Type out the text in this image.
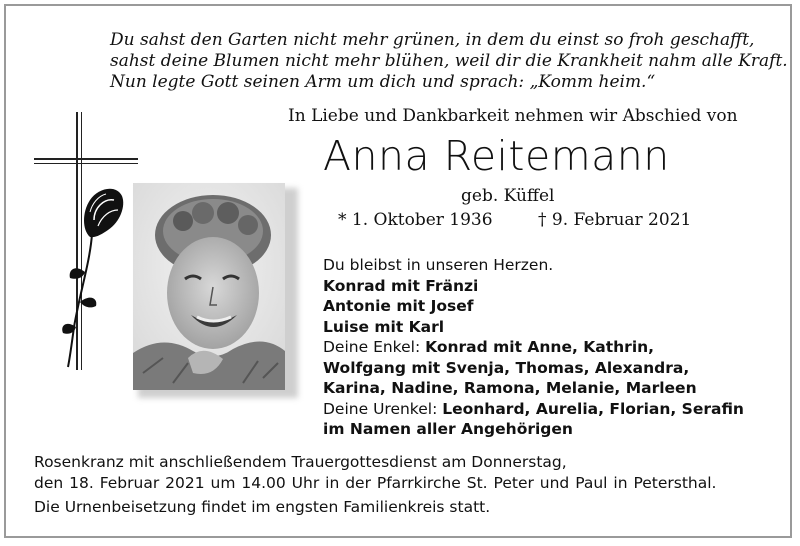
Du sahst den Garten nicht mehr grünen, in dem du einst so froh geschafft,
sahst deine Blumen nicht mehr blühen, weil dir die Krankheit nahm alle Kraft.
Nun legte Gott seinen Arm um dich und sprach: „Komm heim.“
In Liebe und Dankbarkeit nehmen wir Abschied von
Anna Reitemann
geb. Küffel
* 1. Oktober 1936	† 9. Februar 2021
Du bleibst in unseren Herzen.
Konrad mit Fränzi
Antonie mit Josef
Luise mit Karl
Deine Enkel: Konrad mit Anne, Kathrin,
Wolfgang mit Svenja, Thomas, Alexandra,
Karina, Nadine, Ramona, Melanie, Marleen
Deine Urenkel: Leonhard, Aurelia, Florian, Serafin
im Namen aller Angehörigen
Rosenkranz mit anschließendem Trauergottesdienst am Donnerstag,
den 18. Februar 2021 um 14.00 Uhr in der Pfarrkirche St. Peter und Paul in Petersthal.
Die Urnenbeisetzung findet im engsten Familienkreis statt.
